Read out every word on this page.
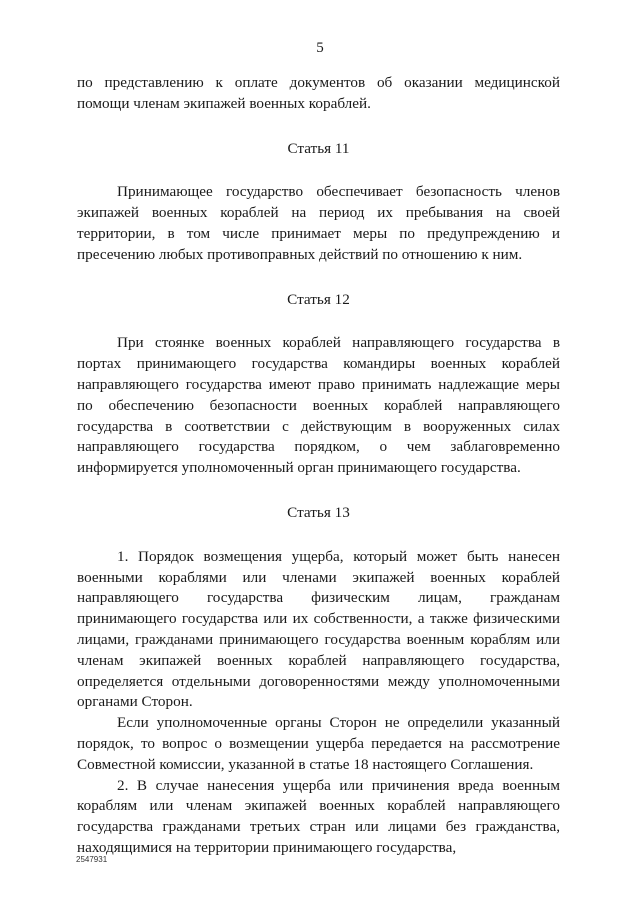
5

по представлению к оплате документов об оказании медицинской помощи членам экипажей военных кораблей.

Статья 11

Принимающее государство обеспечивает безопасность членов экипажей военных кораблей на период их пребывания на своей территории, в том числе принимает меры по предупреждению и пресечению любых противоправных действий по отношению к ним.

Статья 12

При стоянке военных кораблей направляющего государства в портах принимающего государства командиры военных кораблей направляющего государства имеют право принимать надлежащие меры по обеспечению безопасности военных кораблей направляющего государства в соответствии с действующим в вооруженных силах направляющего государства порядком, о чем заблаговременно информируется уполномоченный орган принимающего государства.

Статья 13

1. Порядок возмещения ущерба, который может быть нанесен военными кораблями или членами экипажей военных кораблей направляющего государства физическим лицам, гражданам принимающего государства или их собственности, а также физическими лицами, гражданами принимающего государства военным кораблям или членам экипажей военных кораблей направляющего государства, определяется отдельными договоренностями между уполномоченными органами Сторон.

Если уполномоченные органы Сторон не определили указанный порядок, то вопрос о возмещении ущерба передается на рассмотрение Совместной комиссии, указанной в статье 18 настоящего Соглашения.

2. В случае нанесения ущерба или причинения вреда военным кораблям или членам экипажей военных кораблей направляющего государства гражданами третьих стран или лицами без гражданства, находящимися на территории принимающего государства,

2547931
